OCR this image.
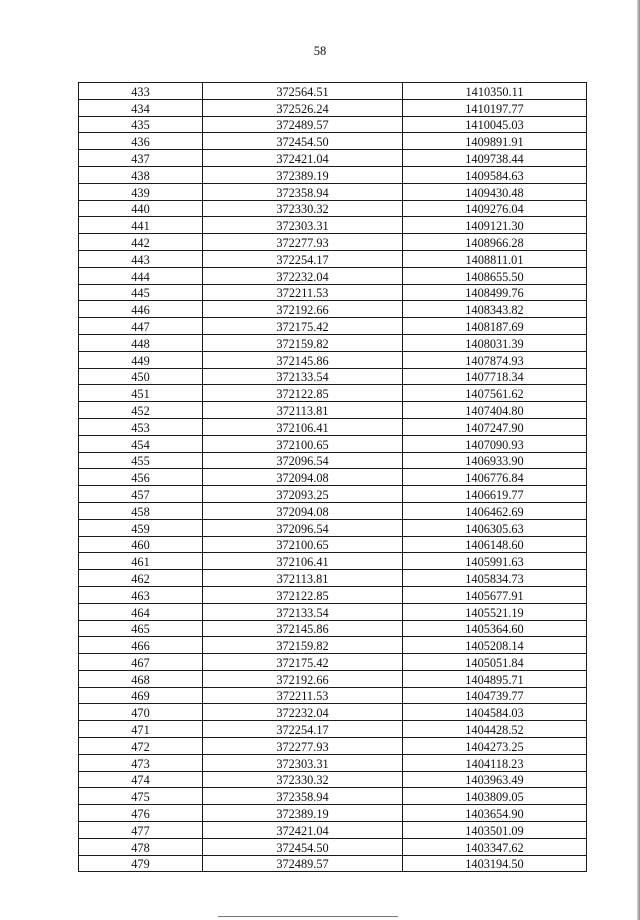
58
433	372564.51	1410350.11
434	372526.24	1410197.77
435	372489.57	1410045.03
436	372454.50	1409891.91
437	372421.04	1409738.44
438	372389.19	1409584.63
439	372358.94	1409430.48
440	372330.32	1409276.04
441	372303.31	1409121.30
442	372277.93	1408966.28
443	372254.17	1408811.01
444	372232.04	1408655.50
445	372211.53	1408499.76
446	372192.66	1408343.82
447	372175.42	1408187.69
448	372159.82	1408031.39
449	372145.86	1407874.93
450	372133.54	1407718.34
451	372122.85	1407561.62
452	372113.81	1407404.80
453	372106.41	1407247.90
454	372100.65	1407090.93
455	372096.54	1406933.90
456	372094.08	1406776.84
457	372093.25	1406619.77
458	372094.08	1406462.69
459	372096.54	1406305.63
460	372100.65	1406148.60
461	372106.41	1405991.63
462	372113.81	1405834.73
463	372122.85	1405677.91
464	372133.54	1405521.19
465	372145.86	1405364.60
466	372159.82	1405208.14
467	372175.42	1405051.84
468	372192.66	1404895.71
469	372211.53	1404739.77
470	372232.04	1404584.03
471	372254.17	1404428.52
472	372277.93	1404273.25
473	372303.31	1404118.23
474	372330.32	1403963.49
475	372358.94	1403809.05
476	372389.19	1403654.90
477	372421.04	1403501.09
478	372454.50	1403347.62
479	372489.57	1403194.50
